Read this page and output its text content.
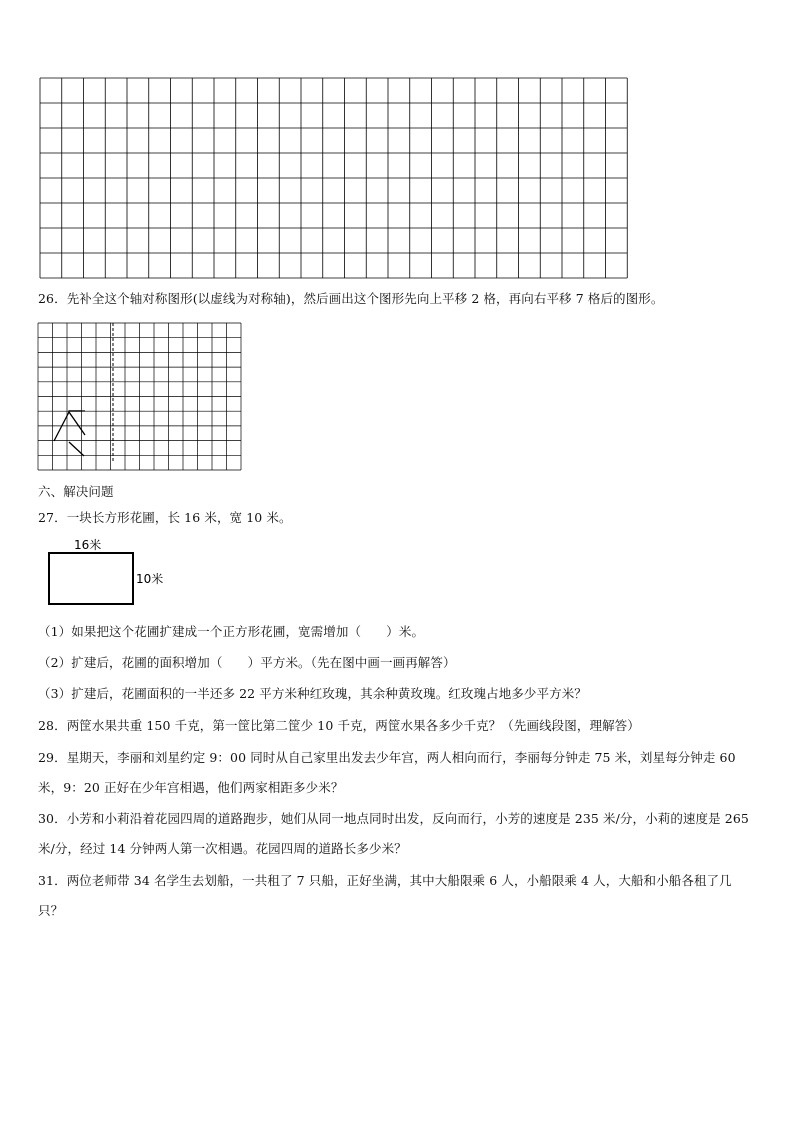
26．先补全这个轴对称图形(以虚线为对称轴)，然后画出这个图形先向上平移 2 格，再向右平移 7 格后的图形。
六、解决问题
27．一块长方形花圃，长 16 米，宽 10 米。
16米
10米
（1）如果把这个花圃扩建成一个正方形花圃，宽需增加（　　）米。
（2）扩建后，花圃的面积增加（　　）平方米。（先在图中画一画再解答）
（3）扩建后，花圃面积的一半还多 22 平方米种红玫瑰，其余种黄玫瑰。红玫瑰占地多少平方米？
28．两筐水果共重 150 千克，第一筐比第二筐少 10 千克，两筐水果各多少千克？（先画线段图，理解答）
29．星期天，李丽和刘星约定 9：00 同时从自己家里出发去少年宫，两人相向而行，李丽每分钟走 75 米，刘星每分钟走 60 米，9：20 正好在少年宫相遇，他们两家相距多少米？
30．小芳和小莉沿着花园四周的道路跑步，她们从同一地点同时出发，反向而行，小芳的速度是 235 米/分，小莉的速度是 265 米/分，经过 14 分钟两人第一次相遇。花园四周的道路长多少米？
31．两位老师带 34 名学生去划船，一共租了 7 只船，正好坐满，其中大船限乘 6 人，小船限乘 4 人，大船和小船各租了几只？
